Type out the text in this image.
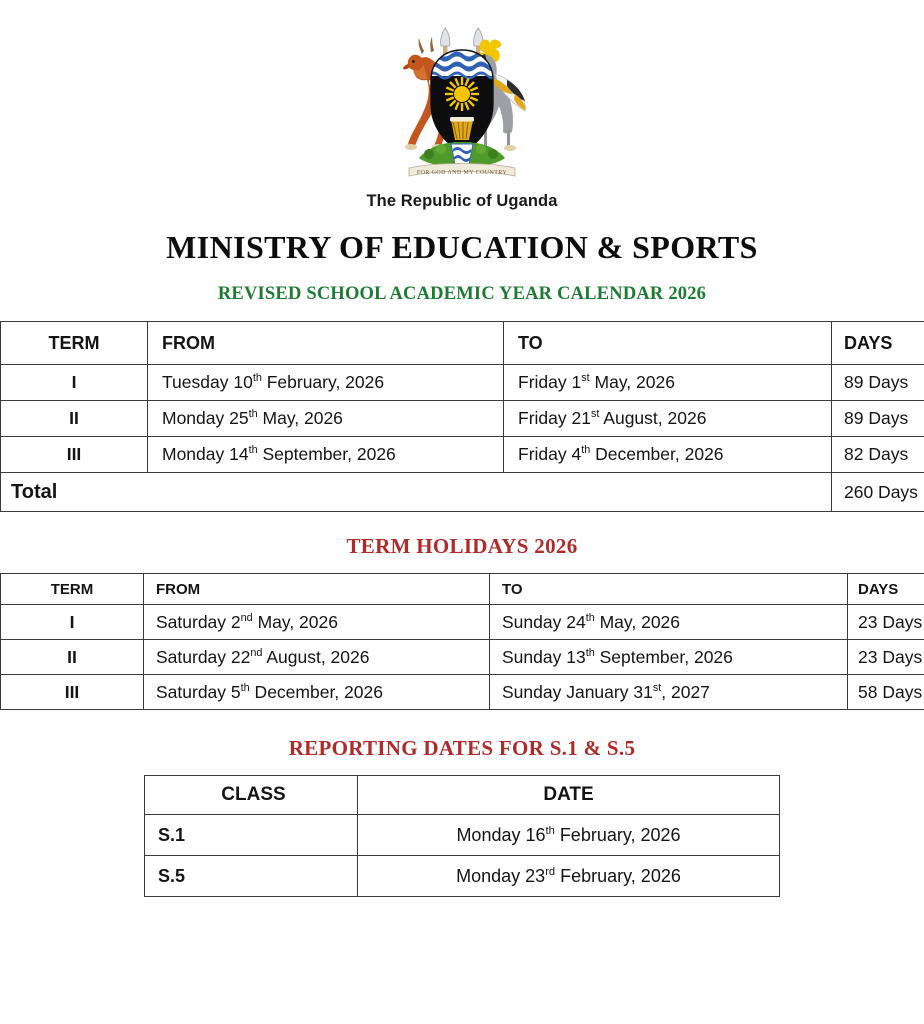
FOR GOD AND MY COUNTRY
The Republic of Uganda
MINISTRY OF EDUCATION & SPORTS
REVISED SCHOOL ACADEMIC YEAR CALENDAR 2026
TERM	FROM	TO	DAYS
I	Tuesday 10th February, 2026	Friday 1st May, 2026	89 Days
II	Monday 25th May, 2026	Friday 21st August, 2026	89 Days
III	Monday 14th September, 2026	Friday 4th December, 2026	82 Days
Total			260 Days
TERM HOLIDAYS 2026
TERM	FROM	TO	DAYS
I	Saturday 2nd May, 2026	Sunday 24th May, 2026	23 Days
II	Saturday 22nd August, 2026	Sunday 13th September, 2026	23 Days
III	Saturday 5th December, 2026	Sunday January 31st, 2027	58 Days
REPORTING DATES FOR S.1 & S.5
CLASS	DATE
S.1	Monday 16th February, 2026
S.5	Monday 23rd February, 2026
